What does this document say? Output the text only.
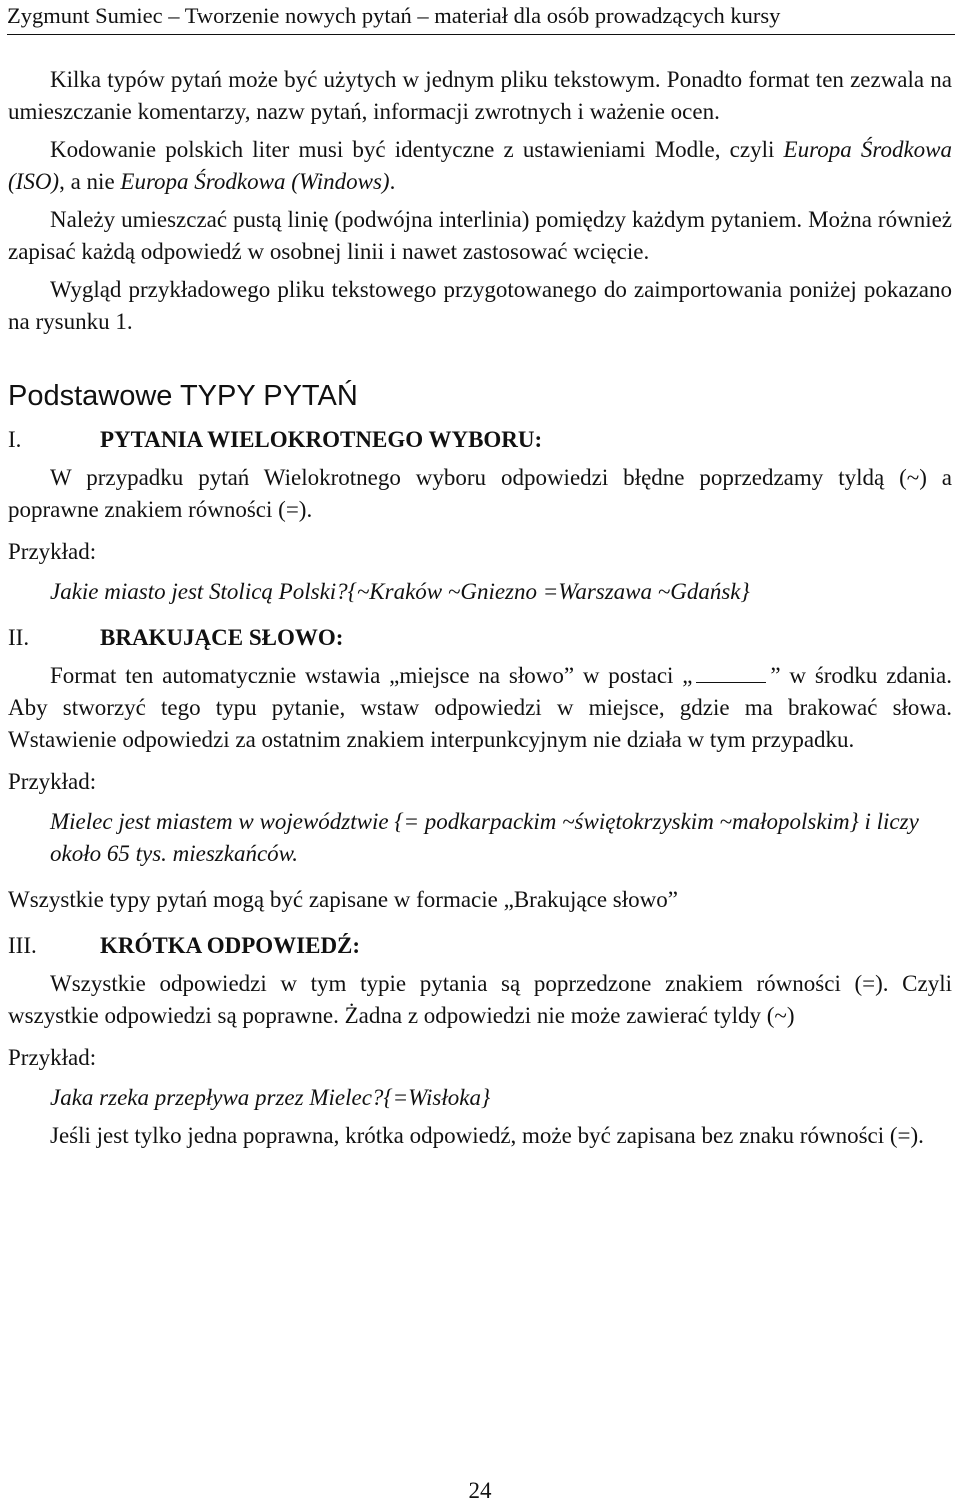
Zygmunt Sumiec – Tworzenie nowych pytań – materiał dla osób prowadzących kursy

Kilka typów pytań może być użytych w jednym pliku tekstowym. Ponadto format ten zezwala na umieszczanie komentarzy, nazw pytań, informacji zwrotnych i ważenie ocen.

Kodowanie polskich liter musi być identyczne z ustawieniami Modle, czyli Europa Środkowa (ISO), a nie Europa Środkowa (Windows).

Należy umieszczać pustą linię (podwójna interlinia) pomiędzy każdym pytaniem. Można również zapisać każdą odpowiedź w osobnej linii i nawet zastosować wcięcie.

Wygląd przykładowego pliku tekstowego przygotowanego do zaimportowania poniżej pokazano na rysunku 1.

Podstawowe TYPY PYTAŃ
I.	PYTANIA WIELOKROTNEGO WYBORU:

W przypadku pytań Wielokrotnego wyboru odpowiedzi błędne poprzedzamy tyldą (~) a poprawne znakiem równości (=).

Przykład:

Jakie miasto jest Stolicą Polski?{~Kraków ~Gniezno =Warszawa ~Gdańsk}

II.	BRAKUJĄCE SŁOWO:

Format ten automatycznie wstawia „miejsce na słowo” w postaci „	” w środku zdania. Aby stworzyć tego typu pytanie, wstaw odpowiedzi w miejsce, gdzie ma brakować słowa. Wstawienie odpowiedzi za ostatnim znakiem interpunkcyjnym nie działa w tym przypadku.

Przykład:

Mielec jest miastem w województwie {= podkarpackim ~świętokrzyskim ~małopolskim} i liczy około 65 tys. mieszkańców.

Wszystkie typy pytań mogą być zapisane w formacie „Brakujące słowo”

III.	KRÓTKA ODPOWIEDŹ:

Wszystkie odpowiedzi w tym typie pytania są poprzedzone znakiem równości (=). Czyli wszystkie odpowiedzi są poprawne. Żadna z odpowiedzi nie może zawierać tyldy (~)

Przykład:

Jaka rzeka przepływa przez Mielec?{=Wisłoka}

Jeśli jest tylko jedna poprawna, krótka odpowiedź, może być zapisana bez znaku równości (=).

24
